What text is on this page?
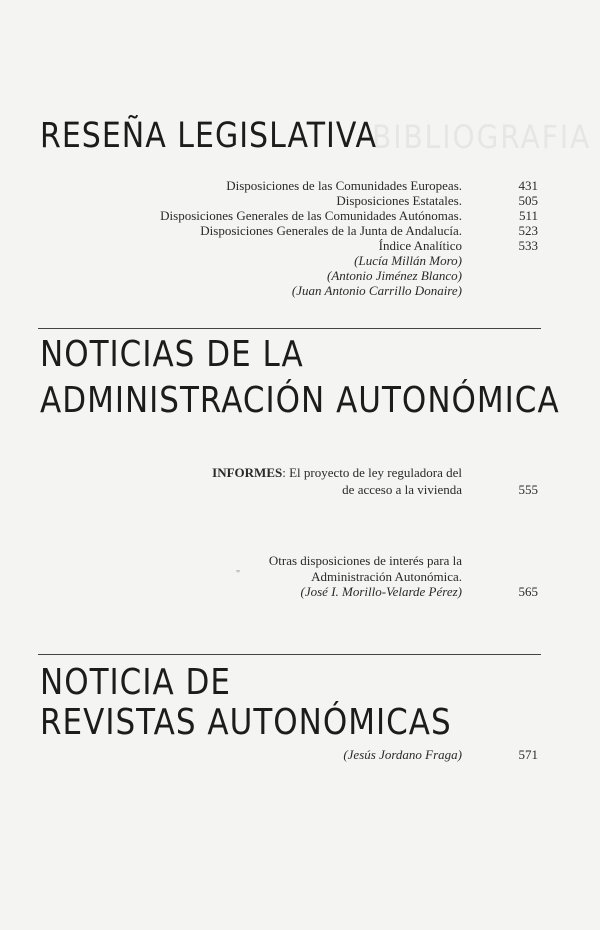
BIBLIOGRAFIA
RESEÑA LEGISLATIVA
Disposiciones de las Comunidades Europeas.	431
Disposiciones Estatales.	505
Disposiciones Generales de las Comunidades Autónomas.	511
Disposiciones Generales de la Junta de Andalucía.	523
Índice Analítico	533
(Lucía Millán Moro)
(Antonio Jiménez Blanco)
(Juan Antonio Carrillo Donaire)
NOTICIAS DE LA
ADMINISTRACIÓN AUTONÓMICA
INFORMES: El proyecto de ley reguladora del
de acceso a la vivienda	555
Otras disposiciones de interés para la
"	Administración Autonómica.
(José I. Morillo-Velarde Pérez)	565
NOTICIA DE
REVISTAS AUTONÓMICAS
(Jesús Jordano Fraga)	571
